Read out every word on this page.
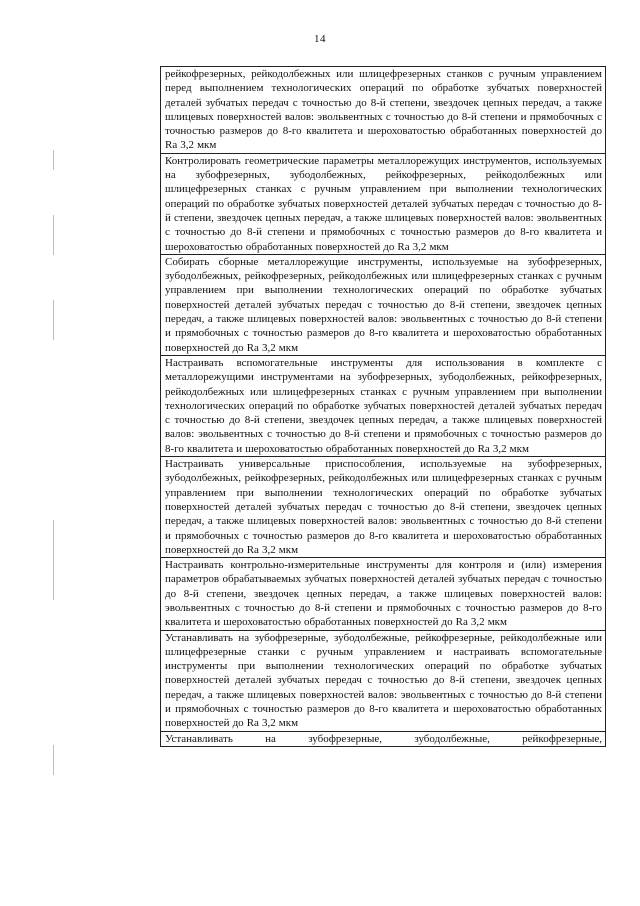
14
рейкофрезерных, рейкодолбежных или шлицефрезерных станков с ручным управлением перед выполнением технологических операций по обработке зубчатых поверхностей деталей зубчатых передач с точностью до 8-й степени, звездочек цепных передач, а также шлицевых поверхностей валов: эвольвентных с точностью до 8-й степени и прямобочных с точностью размеров до 8-го квалитета и шероховатостью обработанных поверхностей до Ra 3,2 мкм
Контролировать геометрические параметры металлорежущих инструментов, используемых на зубофрезерных, зубодолбежных, рейкофрезерных, рейкодолбежных или шлицефрезерных станках с ручным управлением при выполнении технологических операций по обработке зубчатых поверхностей деталей зубчатых передач с точностью до 8-й степени, звездочек цепных передач, а также шлицевых поверхностей валов: эвольвентных с точностью до 8-й степени и прямобочных с точностью размеров до 8-го квалитета и шероховатостью обработанных поверхностей до Ra 3,2 мкм
Собирать сборные металлорежущие инструменты, используемые на зубофрезерных, зубодолбежных, рейкофрезерных, рейкодолбежных или шлицефрезерных станках с ручным управлением при выполнении технологических операций по обработке зубчатых поверхностей деталей зубчатых передач с точностью до 8-й степени, звездочек цепных передач, а также шлицевых поверхностей валов: эвольвентных с точностью до 8-й степени и прямобочных с точностью размеров до 8-го квалитета и шероховатостью обработанных поверхностей до Ra 3,2 мкм
Настраивать вспомогательные инструменты для использования в комплекте с металлорежущими инструментами на зубофрезерных, зубодолбежных, рейкофрезерных, рейкодолбежных или шлицефрезерных станках с ручным управлением при выполнении технологических операций по обработке зубчатых поверхностей деталей зубчатых передач с точностью до 8-й степени, звездочек цепных передач, а также шлицевых поверхностей валов: эвольвентных с точностью до 8-й степени и прямобочных с точностью размеров до 8-го квалитета и шероховатостью обработанных поверхностей до Ra 3,2 мкм
Настраивать универсальные приспособления, используемые на зубофрезерных, зубодолбежных, рейкофрезерных, рейкодолбежных или шлицефрезерных станках с ручным управлением при выполнении технологических операций по обработке зубчатых поверхностей деталей зубчатых передач с точностью до 8-й степени, звездочек цепных передач, а также шлицевых поверхностей валов: эвольвентных с точностью до 8-й степени и прямобочных с точностью размеров до 8-го квалитета и шероховатостью обработанных поверхностей до Ra 3,2 мкм
Настраивать контрольно-измерительные инструменты для контроля и (или) измерения параметров обрабатываемых зубчатых поверхностей деталей зубчатых передач с точностью до 8-й степени, звездочек цепных передач, а также шлицевых поверхностей валов: эвольвентных с точностью до 8-й степени и прямобочных с точностью размеров до 8-го квалитета и шероховатостью обработанных поверхностей до Ra 3,2 мкм
Устанавливать на зубофрезерные, зубодолбежные, рейкофрезерные, рейкодолбежные или шлицефрезерные станки с ручным управлением и настраивать вспомогательные инструменты при выполнении технологических операций по обработке зубчатых поверхностей деталей зубчатых передач с точностью до 8-й степени, звездочек цепных передач, а также шлицевых поверхностей валов: эвольвентных с точностью до 8-й степени и прямобочных с точностью размеров до 8-го квалитета и шероховатостью обработанных поверхностей до Ra 3,2 мкм
Устанавливать на зубофрезерные, зубодолбежные, рейкофрезерные,
